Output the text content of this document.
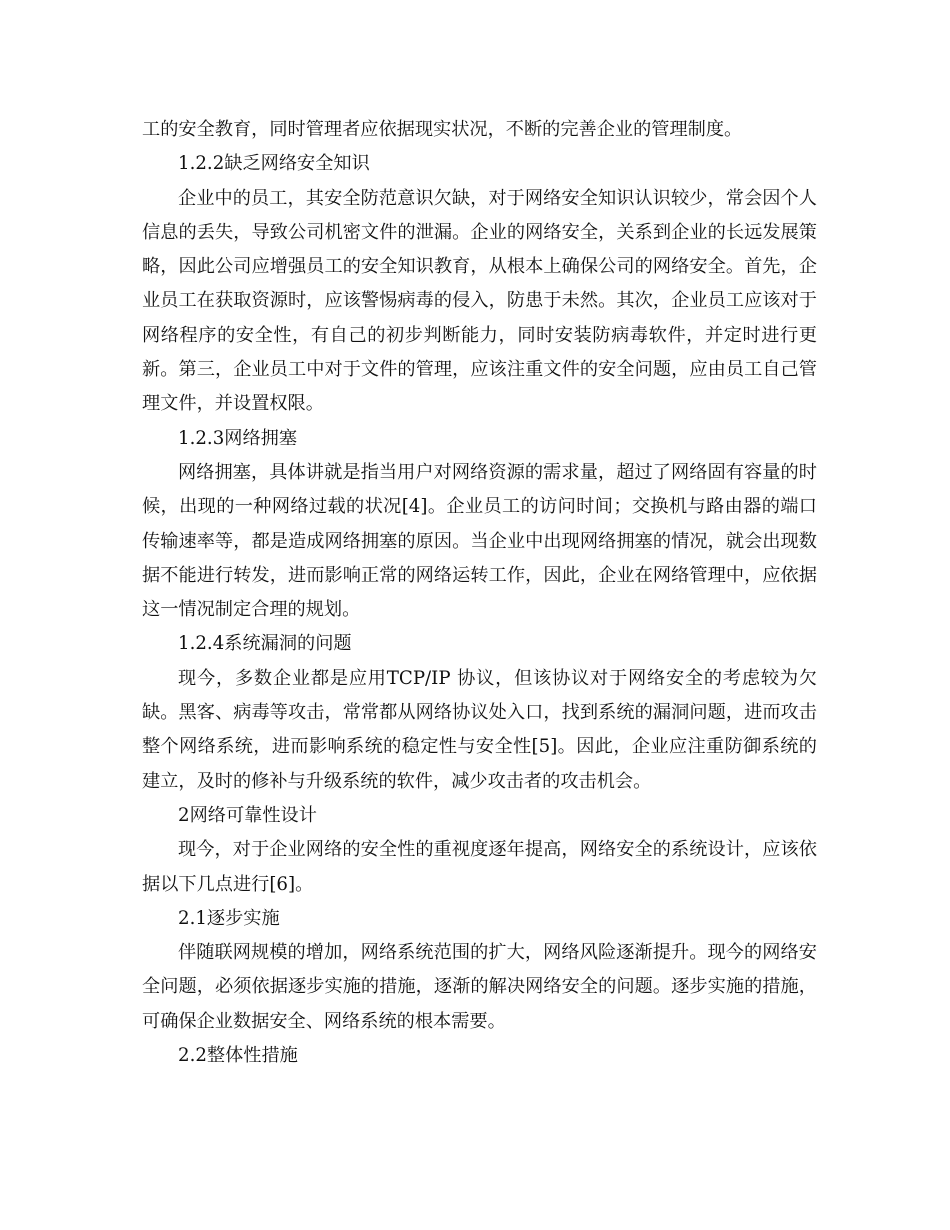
工的安全教育，同时管理者应依据现实状况，不断的完善企业的管理制度。

1.2.2缺乏网络安全知识

企业中的员工，其安全防范意识欠缺，对于网络安全知识认识较少，常会因个人信息的丢失，导致公司机密文件的泄漏。企业的网络安全，关系到企业的长远发展策略，因此公司应增强员工的安全知识教育，从根本上确保公司的网络安全。首先，企业员工在获取资源时，应该警惕病毒的侵入，防患于未然。其次，企业员工应该对于网络程序的安全性，有自己的初步判断能力，同时安装防病毒软件，并定时进行更新。第三，企业员工中对于文件的管理，应该注重文件的安全问题，应由员工自己管理文件，并设置权限。

1.2.3网络拥塞

网络拥塞，具体讲就是指当用户对网络资源的需求量，超过了网络固有容量的时候，出现的一种网络过载的状况[4]。企业员工的访问时间；交换机与路由器的端口传输速率等，都是造成网络拥塞的原因。当企业中出现网络拥塞的情况，就会出现数据不能进行转发，进而影响正常的网络运转工作，因此，企业在网络管理中，应依据这一情况制定合理的规划。

1.2.4系统漏洞的问题

现今，多数企业都是应用TCP/IP 协议，但该协议对于网络安全的考虑较为欠缺。黑客、病毒等攻击，常常都从网络协议处入口，找到系统的漏洞问题，进而攻击整个网络系统，进而影响系统的稳定性与安全性[5]。因此，企业应注重防御系统的建立，及时的修补与升级系统的软件，减少攻击者的攻击机会。

2网络可靠性设计

现今，对于企业网络的安全性的重视度逐年提高，网络安全的系统设计，应该依据以下几点进行[6]。

2.1逐步实施

伴随联网规模的增加，网络系统范围的扩大，网络风险逐渐提升。现今的网络安全问题，必须依据逐步实施的措施，逐渐的解决网络安全的问题。逐步实施的措施，可确保企业数据安全、网络系统的根本需要。

2.2整体性措施
